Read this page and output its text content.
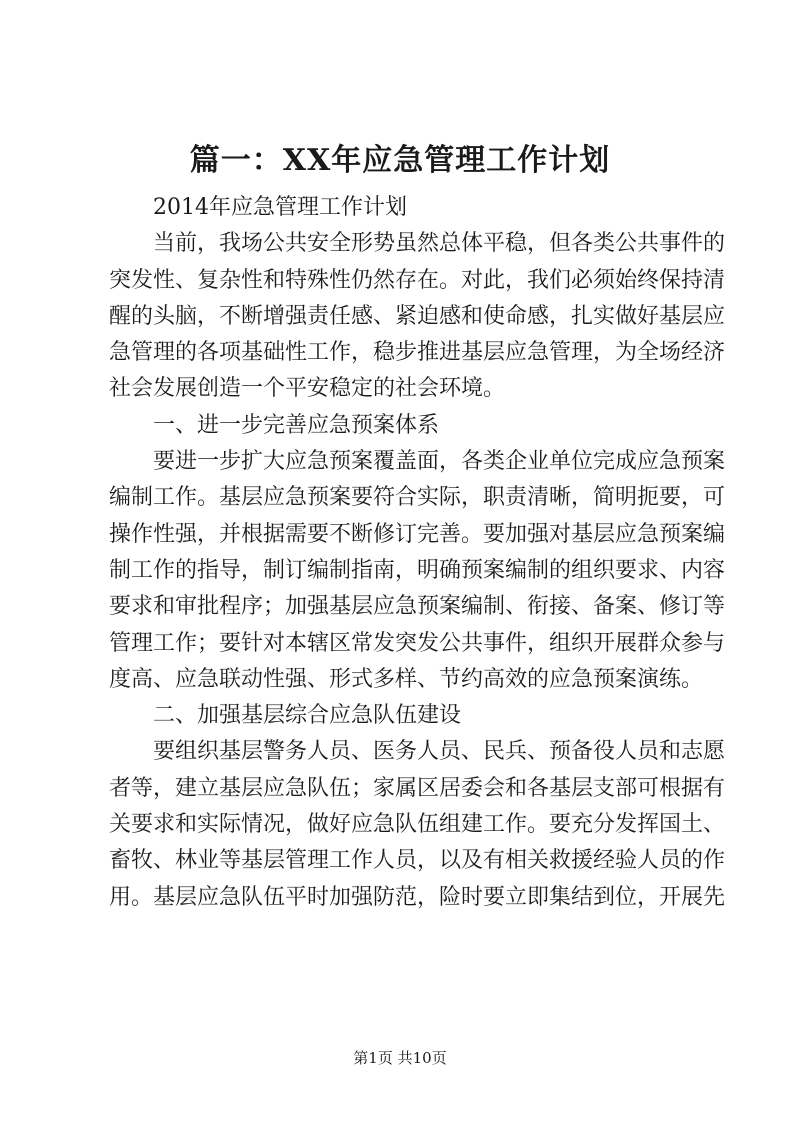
篇一：XX年应急管理工作计划

2014年应急管理工作计划

当前，我场公共安全形势虽然总体平稳，但各类公共事件的
突发性、复杂性和特殊性仍然存在。对此，我们必须始终保持清
醒的头脑，不断增强责任感、紧迫感和使命感，扎实做好基层应
急管理的各项基础性工作，稳步推进基层应急管理，为全场经济
社会发展创造一个平安稳定的社会环境。

一、进一步完善应急预案体系

要进一步扩大应急预案覆盖面，各类企业单位完成应急预案
编制工作。基层应急预案要符合实际，职责清晰，简明扼要，可
操作性强，并根据需要不断修订完善。要加强对基层应急预案编
制工作的指导，制订编制指南，明确预案编制的组织要求、内容
要求和审批程序；加强基层应急预案编制、衔接、备案、修订等
管理工作；要针对本辖区常发突发公共事件，组织开展群众参与
度高、应急联动性强、形式多样、节约高效的应急预案演练。

二、加强基层综合应急队伍建设

要组织基层警务人员、医务人员、民兵、预备役人员和志愿
者等，建立基层应急队伍；家属区居委会和各基层支部可根据有
关要求和实际情况，做好应急队伍组建工作。要充分发挥国土、
畜牧、林业等基层管理工作人员，以及有相关救援经验人员的作
用。基层应急队伍平时加强防范，险时要立即集结到位，开展先

第1页 共10页
